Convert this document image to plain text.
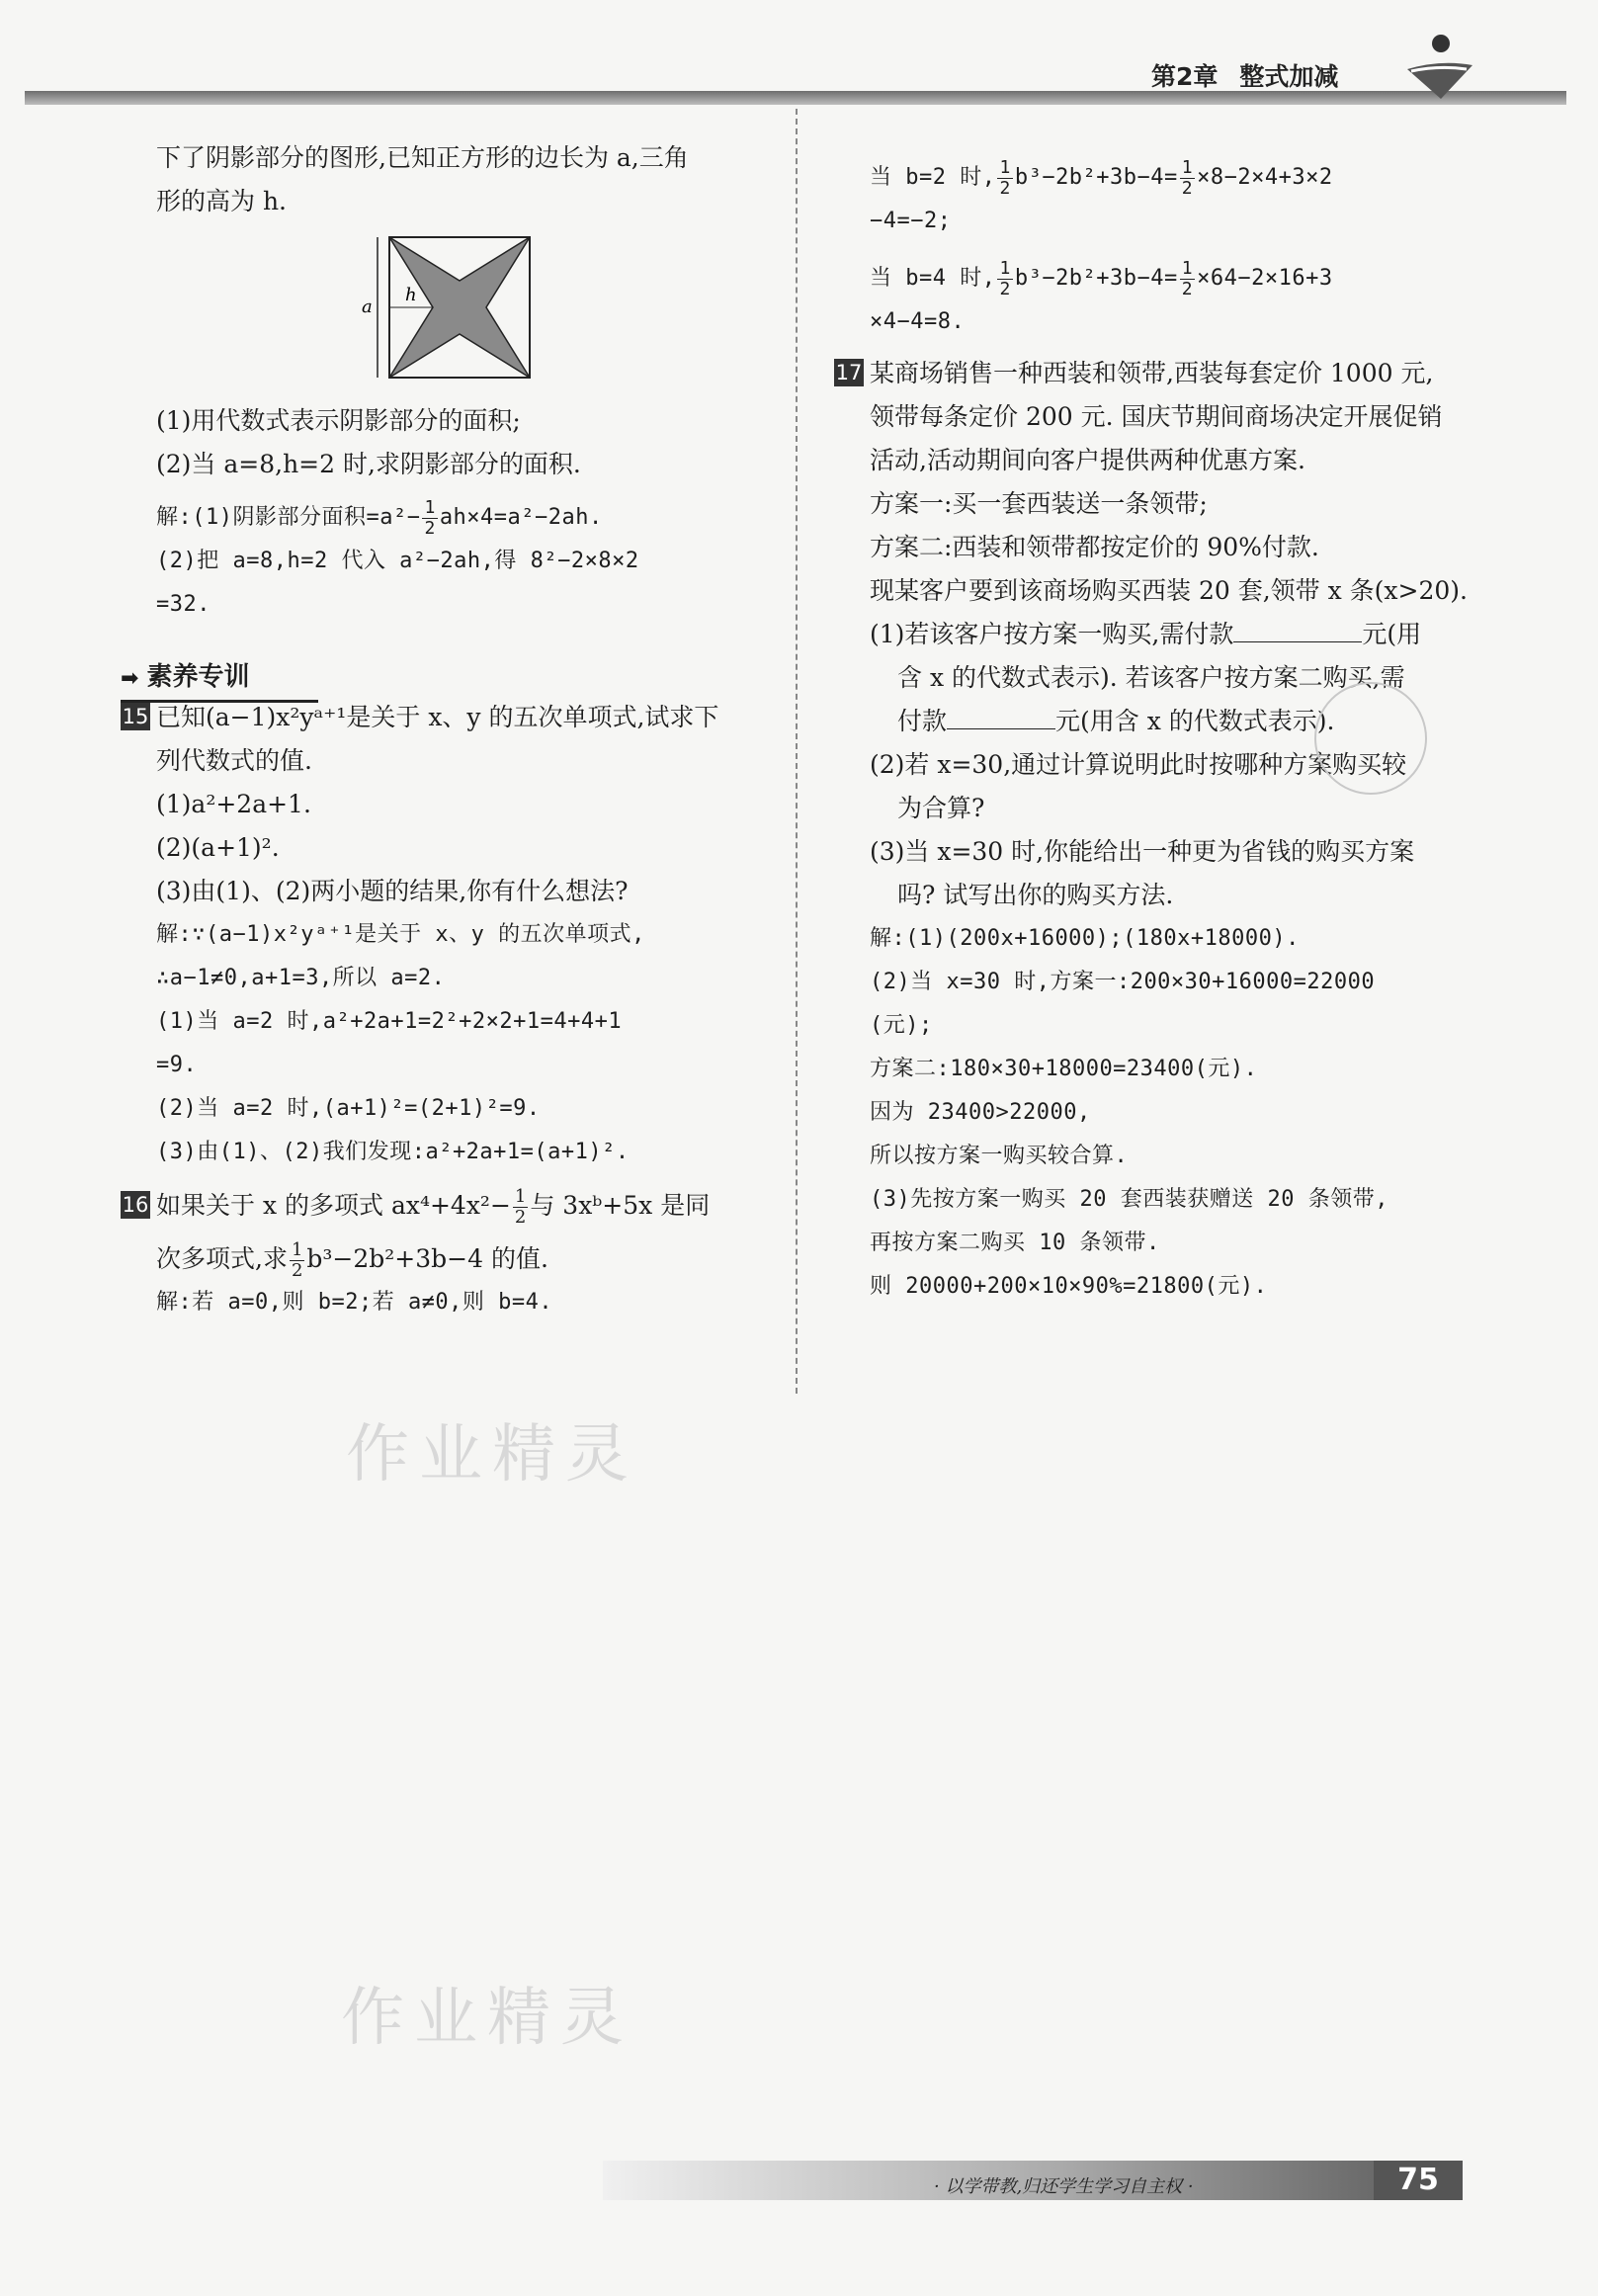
第2章 整式加减
作业精灵
作业精灵

下了阴影部分的图形,已知正方形的边长为 a,三角

形的高为 h.

(1)用代数式表示阴影部分的面积;

(2)当 a=8,h=2 时,求阴影部分的面积.

解:(1)阴影部分面积$=a^2- \frac{1}{2} ah\times 4=a^2-2ah$.

(2)把 a=8,h=2 代入 a²−2ah,得 8²−2×8×2

=32.

15 已知(a−1)x²yᵃ⁺¹是关于 x、y 的五次单项式,试求下

列代数式的值.

(1)a²+2a+1.

(2)(a+1)².

(3)由(1)、(2)两小题的结果,你有什么想法?

解:∵(a−1)x²yᵃ⁺¹是关于 x、y 的五次单项式,

∴a−1≠0,a+1=3,所以 a=2.

(1)当 a=2 时,a²+2a+1=2²+2×2+1=4+4+1

=9.

(2)当 a=2 时,(a+1)²=(2+1)²=9.

(3)由(1)、(2)我们发现:a²+2a+1=(a+1)².

16 如果关于 x 的多项式 $ax^4+4x^2- \frac{1}{2}$ 与 3xᵇ+5x 是同

次多项式,求 $\frac{1}{2} b^3-2b^2+3b-4$ 的值.

解:若 a=0,则 b=2;若 a≠0,则 b=4.

➡ 素养专训
a
h

当 b=2 时, $\frac{1}{2} b^3-2b^2+3b-4= \frac{1}{2} \times 8-2\times 4+3\times 2$

−4=−2;

当 b=4 时, $\frac{1}{2} b^3-2b^2+3b-4= \frac{1}{2} \times 64-2\times 16+3$

×4−4=8.

17 某商场销售一种西装和领带,西装每套定价 1000 元,

领带每条定价 200 元. 国庆节期间商场决定开展促销

活动,活动期间向客户提供两种优惠方案.

方案一:买一套西装送一条领带;

方案二:西装和领带都按定价的 90%付款.

现某客户要到该商场购买西装 20 套,领带 x 条(x>20).

(1)若该客户按方案一购买,需付款	元(用

含 x 的代数式表示). 若该客户按方案二购买,需

付款	元(用含 x 的代数式表示).

(2)若 x=30,通过计算说明此时按哪种方案购买较

为合算?

(3)当 x=30 时,你能给出一种更为省钱的购买方案

吗? 试写出你的购买方法.

解:(1)(200x+16000);(180x+18000).

(2)当 x=30 时,方案一:200×30+16000=22000

(元);

方案二:180×30+18000=23400(元).

因为 23400>22000,

所以按方案一购买较合算.

(3)先按方案一购买 20 套西装获赠送 20 条领带,

再按方案二购买 10 条领带.

则 20000+200×10×90%=21800(元).

· 以学带教,归还学生学习自主权 ·	75
